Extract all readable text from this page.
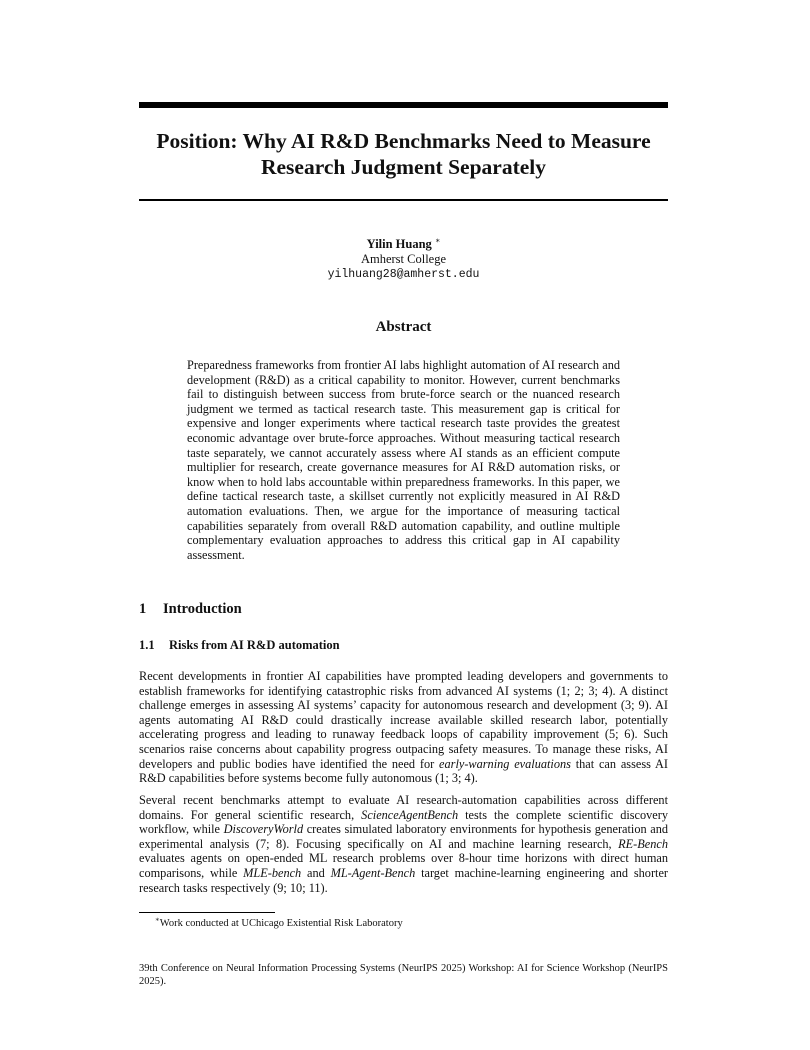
Position: Why AI R&D Benchmarks Need to Measure Research Judgment Separately
Yilin Huang ∗
Amherst College
yilhuang28@amherst.edu
Abstract

Preparedness frameworks from frontier AI labs highlight automation of AI research and development (R&D) as a critical capability to monitor. However, current benchmarks fail to distinguish between success from brute-force search or the nuanced research judgment we termed as tactical research taste. This measurement gap is critical for expensive and longer experiments where tactical research taste provides the greatest economic advantage over brute-force approaches. Without measuring tactical research taste separately, we cannot accurately assess where AI stands as an efficient compute multiplier for research, create governance measures for AI R&D automation risks, or know when to hold labs accountable within preparedness frameworks. In this paper, we define tactical research taste, a skillset currently not explicitly measured in AI R&D automation evaluations. Then, we argue for the importance of measuring tactical capabilities separately from overall R&D automation capability, and outline multiple complementary evaluation approaches to address this critical gap in AI capability assessment.

1 Introduction
1.1 Risks from AI R&D automation

Recent developments in frontier AI capabilities have prompted leading developers and governments to establish frameworks for identifying catastrophic risks from advanced AI systems (1; 2; 3; 4). A distinct challenge emerges in assessing AI systems’ capacity for autonomous research and development (3; 9). AI agents automating AI R&D could drastically increase available skilled research labor, potentially accelerating progress and leading to runaway feedback loops of capability improvement (5; 6). Such scenarios raise concerns about capability progress outpacing safety measures. To manage these risks, AI developers and public bodies have identified the need for early-warning evaluations that can assess AI R&D capabilities before systems become fully autonomous (1; 3; 4).

Several recent benchmarks attempt to evaluate AI research-automation capabilities across different domains. For general scientific research, ScienceAgentBench tests the complete scientific discovery workflow, while DiscoveryWorld creates simulated laboratory environments for hypothesis generation and experimental analysis (7; 8). Focusing specifically on AI and machine learning research, RE-Bench evaluates agents on open-ended ML research problems over 8-hour time horizons with direct human comparisons, while MLE-bench and ML-Agent-Bench target machine-learning engineering and shorter research tasks respectively (9; 10; 11).

∗Work conducted at UChicago Existential Risk Laboratory

39th Conference on Neural Information Processing Systems (NeurIPS 2025) Workshop: AI for Science Workshop (NeurIPS 2025).
